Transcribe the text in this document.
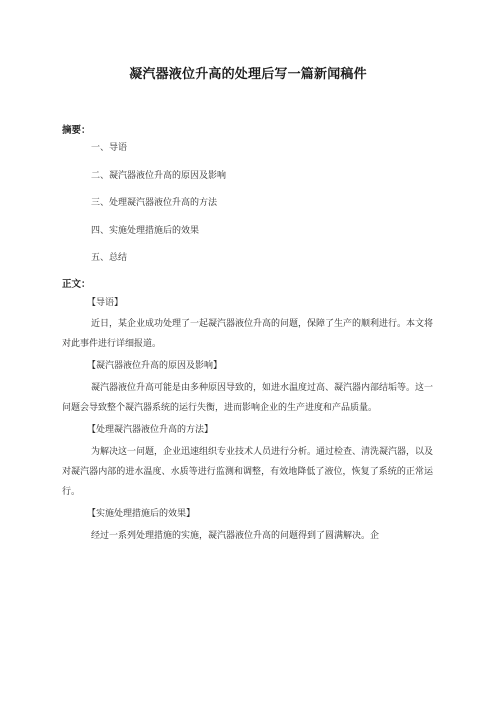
凝汽器液位升高的处理后写一篇新闻稿件
摘要：
一、导语
二、凝汽器液位升高的原因及影响
三、处理凝汽器液位升高的方法
四、实施处理措施后的效果
五、总结
正文：
【导语】

近日，某企业成功处理了一起凝汽器液位升高的问题，保障了生产的顺利进行。本文将对此事件进行详细报道。

【凝汽器液位升高的原因及影响】

凝汽器液位升高可能是由多种原因导致的，如进水温度过高、凝汽器内部结垢等。这一问题会导致整个凝汽器系统的运行失衡，进而影响企业的生产进度和产品质量。

【处理凝汽器液位升高的方法】

为解决这一问题，企业迅速组织专业技术人员进行分析。通过检查、清洗凝汽器，以及对凝汽器内部的进水温度、水质等进行监测和调整，有效地降低了液位，恢复了系统的正常运行。

【实施处理措施后的效果】

经过一系列处理措施的实施，凝汽器液位升高的问题得到了圆满解决。企
